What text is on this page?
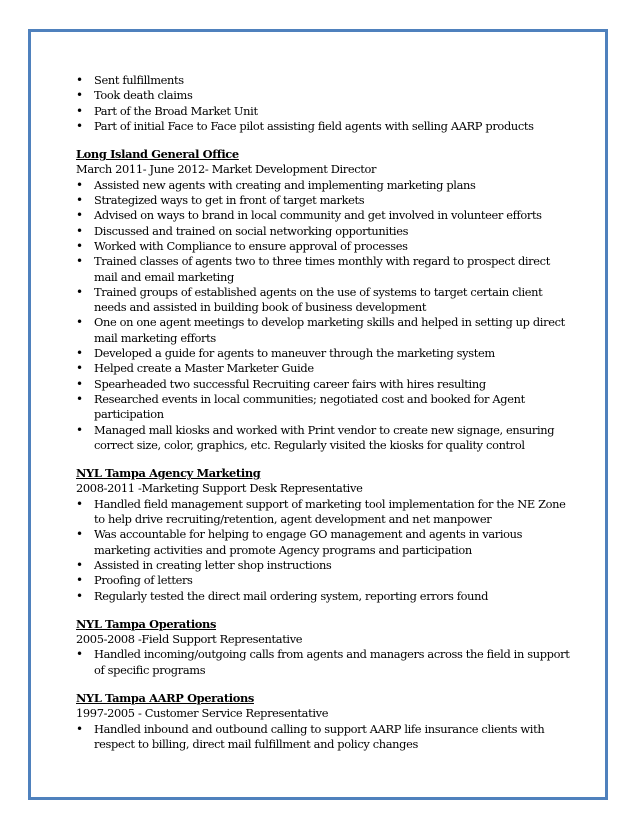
• Sent fulfillments
• Took death claims
• Part of the Broad Market Unit
• Part of initial Face to Face pilot assisting field agents with selling AARP products
Long Island General Office
March 2011- June 2012- Market Development Director
• Assisted new agents with creating and implementing marketing plans
• Strategized ways to get in front of target markets
• Advised on ways to brand in local community and get involved in volunteer efforts
• Discussed and trained on social networking opportunities
• Worked with Compliance to ensure approval of processes
• Trained classes of agents two to three times monthly with regard to prospect direct mail and email marketing
• Trained groups of established agents on the use of systems to target certain client needs and assisted in building book of business development
• One on one agent meetings to develop marketing skills and helped in setting up direct mail marketing efforts
• Developed a guide for agents to maneuver through the marketing system
• Helped create a Master Marketer Guide
• Spearheaded two successful Recruiting career fairs with hires resulting
• Researched events in local communities; negotiated cost and booked for Agent participation
• Managed mall kiosks and worked with Print vendor to create new signage, ensuring correct size, color, graphics, etc. Regularly visited the kiosks for quality control
NYL Tampa Agency Marketing
2008-2011 -Marketing Support Desk Representative
• Handled field management support of marketing tool implementation for the NE Zone to help drive recruiting/retention, agent development and net manpower
• Was accountable for helping to engage GO management and agents in various marketing activities and promote Agency programs and participation
• Assisted in creating letter shop instructions
• Proofing of letters
• Regularly tested the direct mail ordering system, reporting errors found
NYL Tampa Operations
2005-2008 -Field Support Representative
• Handled incoming/outgoing calls from agents and managers across the field in support of specific programs
NYL Tampa AARP Operations
1997-2005 - Customer Service Representative
• Handled inbound and outbound calling to support AARP life insurance clients with respect to billing, direct mail fulfillment and policy changes
